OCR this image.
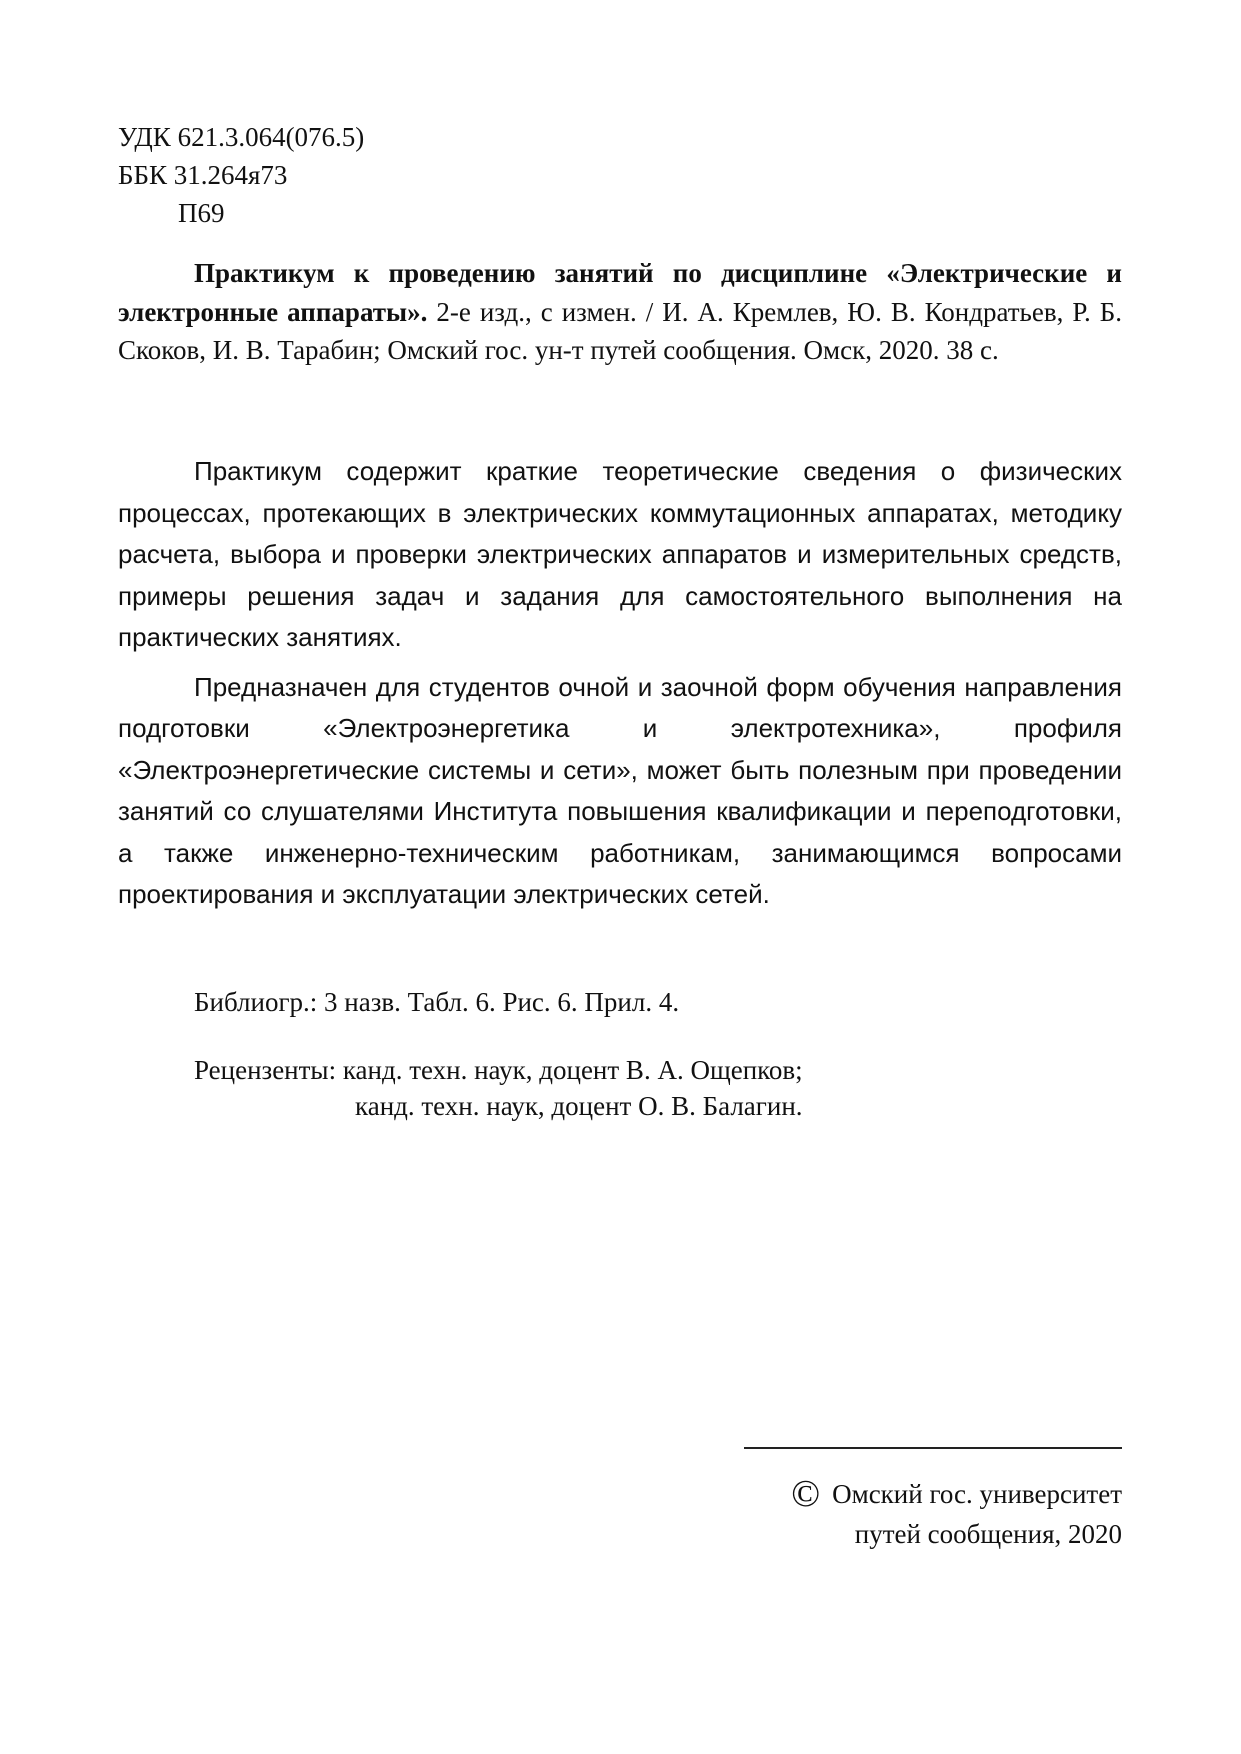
УДК 621.3.064(076.5)
ББК 31.264я73
П69
Практикум к проведению занятий по дисциплине «Электрические и электронные аппараты». 2-е изд., с измен. / И. А. Кремлев, Ю. В. Кондратьев, Р. Б. Скоков, И. В. Тарабин; Омский гос. ун-т путей сообщения. Омск, 2020. 38 с.

Практикум содержит краткие теоретические сведения о физических процессах, протекающих в электрических коммутационных аппаратах, методику расчета, выбора и проверки электрических аппаратов и измерительных средств, примеры решения задач и задания для самостоятельного выполнения на практических занятиях.

Предназначен для студентов очной и заочной форм обучения направления подготовки «Электроэнергетика и электротехника», профиля «Электроэнергетические системы и сети», может быть полезным при проведении занятий со слушателями Института повышения квалификации и переподготовки, а также инженерно-техническим работникам, занимающимся вопросами проектирования и эксплуатации электрических сетей.

Библиогр.: 3 назв. Табл. 6. Рис. 6. Прил. 4.
Рецензенты: канд. техн. наук, доцент В. А. Ощепков;
канд. техн. наук, доцент О. В. Балагин.
© Омский гос. университет
путей сообщения, 2020
